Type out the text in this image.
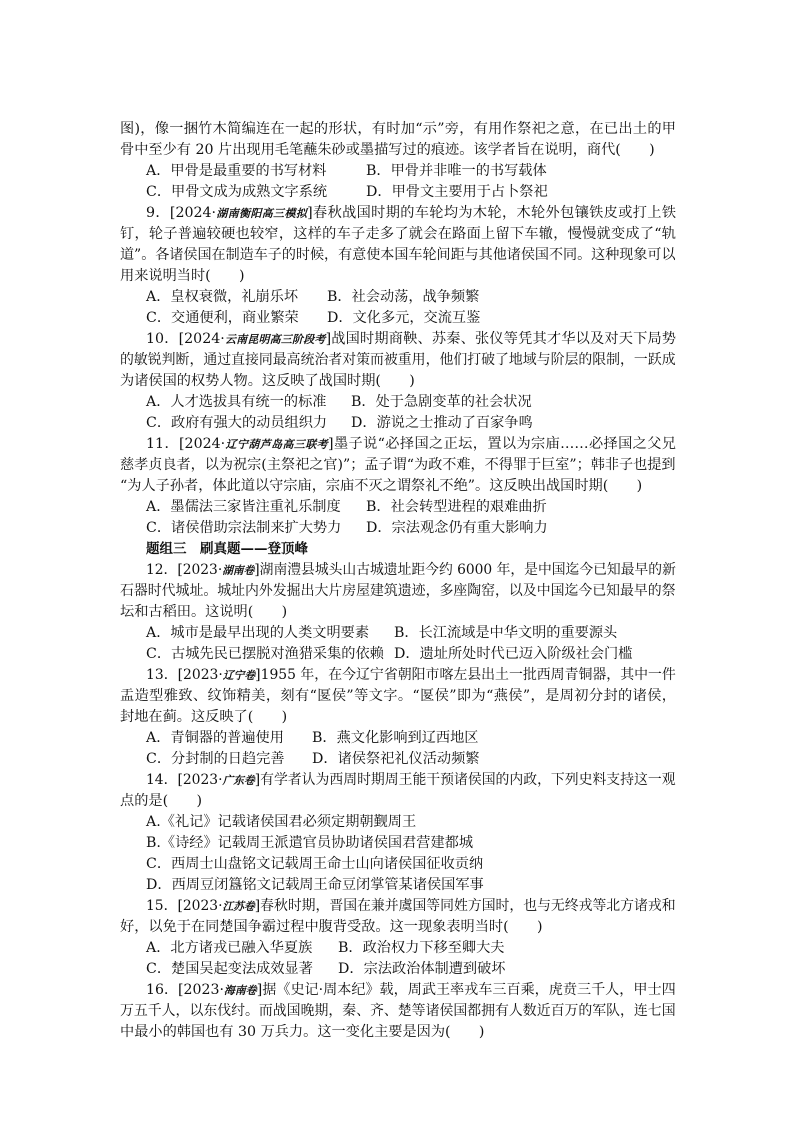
图)，像一捆竹木简编连在一起的形状，有时加“示”旁，有用作祭祀之意，在已出土的甲
骨中至少有 20 片出现用毛笔蘸朱砂或墨描写过的痕迹。该学者旨在说明，商代(　　)
A．甲骨是最重要的书写材料	B．甲骨并非唯一的书写载体
C．甲骨文成为成熟文字系统	D．甲骨文主要用于占卜祭祀
9．[2024·湖南衡阳高三模拟]春秋战国时期的车轮均为木轮，木轮外包镶铁皮或打上铁
钉，轮子普遍较硬也较窄，这样的车子走多了就会在路面上留下车辙，慢慢就变成了“轨
道”。各诸侯国在制造车子的时候，有意使本国车轮间距与其他诸侯国不同。这种现象可以
用来说明当时(　　)
A．皇权衰微，礼崩乐坏 B．社会动荡，战争频繁
C．交通便利，商业繁荣 D．文化多元，交流互鉴
10．[2024·云南昆明高三阶段考]战国时期商鞅、苏秦、张仪等凭其才华以及对天下局势
的敏锐判断，通过直接同最高统治者对策而被重用，他们打破了地域与阶层的限制，一跃成
为诸侯国的权势人物。这反映了战国时期(　　)
A．人才选拔具有统一的标准 B．处于急剧变革的社会状况
C．政府有强大的动员组织力 D．游说之士推动了百家争鸣
11．[2024·辽宁葫芦岛高三联考]墨子说“必择国之正坛，置以为宗庙……必择国之父兄
慈孝贞良者，以为祝宗(主祭祀之官)”；孟子谓“为政不难，不得罪于巨室”；韩非子也提到
“为人子孙者，体此道以守宗庙，宗庙不灭之谓祭礼不绝”。这反映出战国时期(　　)
A．墨儒法三家皆注重礼乐制度 B．社会转型进程的艰难曲折
C．诸侯借助宗法制来扩大势力 D．宗法观念仍有重大影响力
题组三　刷真题——登顶峰
12．[2023·湖南卷]湖南澧县城头山古城遗址距今约 6000 年，是中国迄今已知最早的新
石器时代城址。城址内外发掘出大片房屋建筑遗迹，多座陶窑，以及中国迄今已知最早的祭
坛和古稻田。这说明(　　)
A．城市是最早出现的人类文明要素 B．长江流域是中华文明的重要源头
C．古城先民已摆脱对渔猎采集的依赖 D．遗址所处时代已迈入阶级社会门槛
13．[2023·辽宁卷]1955 年，在今辽宁省朝阳市喀左县出土一批西周青铜器，其中一件
盂造型雅致、纹饰精美，刻有“匽侯”等文字。“匽侯”即为“燕侯”，是周初分封的诸侯，
封地在蓟。这反映了(　　)
A．青铜器的普遍使用 B．燕文化影响到辽西地区
C．分封制的日趋完善 D．诸侯祭祀礼仪活动频繁
14．[2023·广东卷]有学者认为西周时期周王能干预诸侯国的内政，下列史料支持这一观
点的是(　　)
A.《礼记》记载诸侯国君必须定期朝觐周王
B.《诗经》记载周王派遣官员协助诸侯国君营建都城
C．西周士山盘铭文记载周王命士山向诸侯国征收贡纳
D．西周豆闭簋铭文记载周王命豆闭掌管某诸侯国军事
15．[2023·江苏卷]春秋时期，晋国在兼并虞国等同姓方国时，也与无终戎等北方诸戎和
好，以免于在同楚国争霸过程中腹背受敌。这一现象表明当时(　　)
A．北方诸戎已融入华夏族 B．政治权力下移至卿大夫
C．楚国吴起变法成效显著 D．宗法政治体制遭到破坏
16．[2023·海南卷]据《史记·周本纪》载，周武王率戎车三百乘，虎贲三千人，甲士四
万五千人，以东伐纣。而战国晚期，秦、齐、楚等诸侯国都拥有人数近百万的军队，连七国
中最小的韩国也有 30 万兵力。这一变化主要是因为(　　)
